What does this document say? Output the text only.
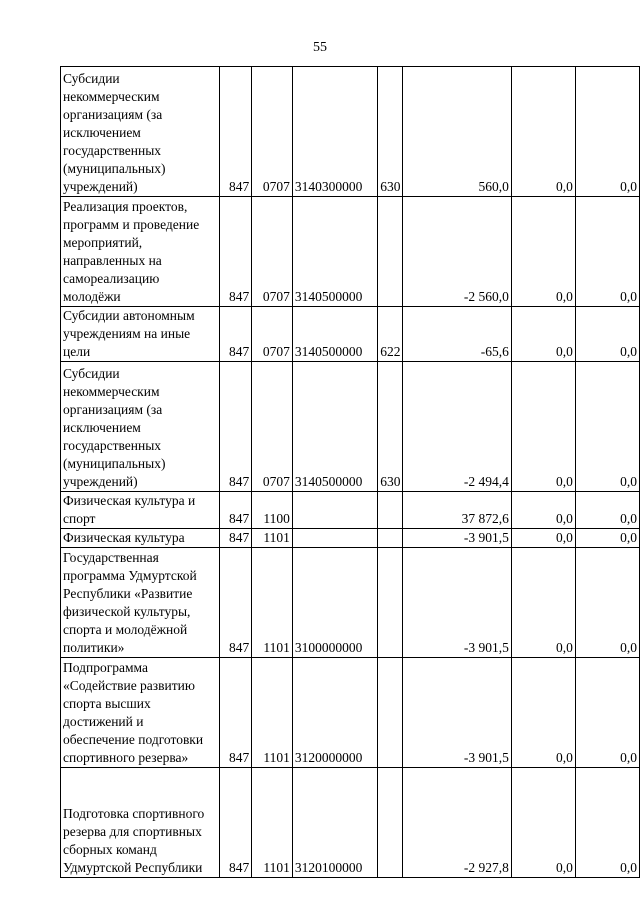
55
Субсидии некоммерческим организациям (за исключением государственных (муниципальных) учреждений)	847	0707	3140300000	630	560,0	0,0	0,0
Реализация проектов, программ и проведение мероприятий, направленных на самореализацию молодёжи	847	0707	3140500000		-2 560,0	0,0	0,0
Субсидии автономным учреждениям на иные цели	847	0707	3140500000	622	-65,6	0,0	0,0
Субсидии некоммерческим организациям (за исключением государственных (муниципальных) учреждений)	847	0707	3140500000	630	-2 494,4	0,0	0,0
Физическая культура и спорт	847	1100			37 872,6	0,0	0,0
Физическая культура	847	1101			-3 901,5	0,0	0,0
Государственная программа Удмуртской Республики «Развитие физической культуры, спорта и молодёжной политики»	847	1101	3100000000		-3 901,5	0,0	0,0
Подпрограмма «Содействие развитию спорта высших достижений и обеспечение подготовки спортивного резерва»	847	1101	3120000000		-3 901,5	0,0	0,0
Подготовка спортивного резерва для спортивных сборных команд Удмуртской Республики	847	1101	3120100000		-2 927,8	0,0	0,0
